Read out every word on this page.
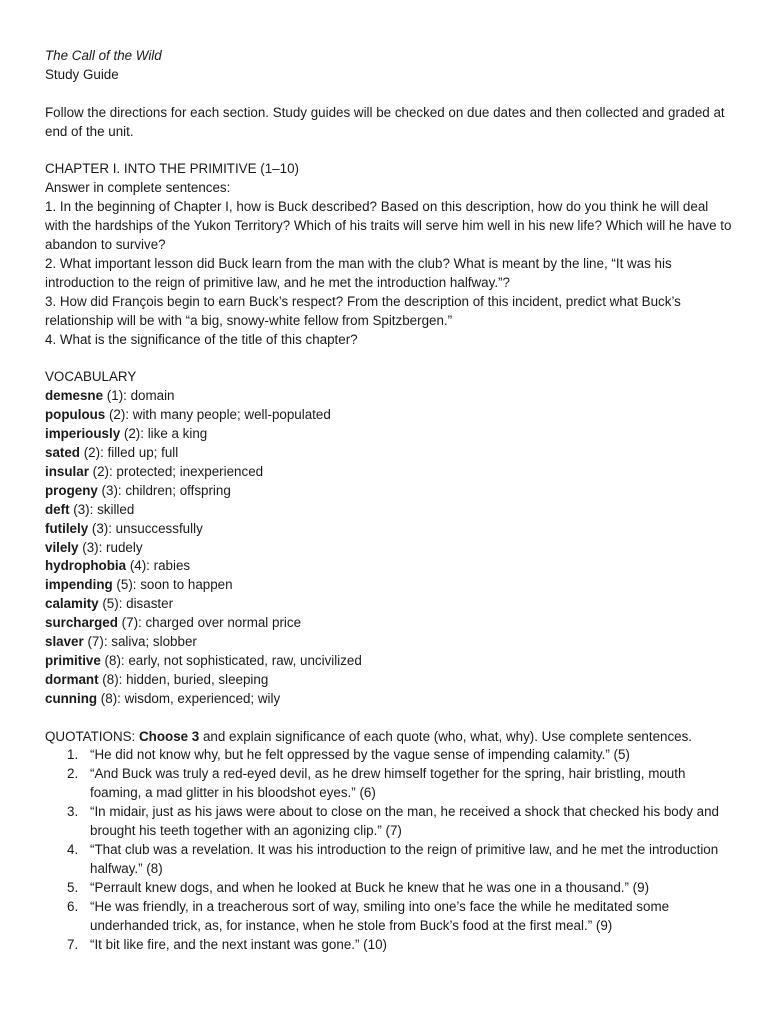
The Call of the Wild

Study Guide

Follow the directions for each section. Study guides will be checked on due dates and then collected and graded at end of the unit.

CHAPTER I. INTO THE PRIMITIVE (1–10)

Answer in complete sentences:

1. In the beginning of Chapter I, how is Buck described? Based on this description, how do you think he will deal with the hardships of the Yukon Territory? Which of his traits will serve him well in his new life? Which will he have to abandon to survive?

2. What important lesson did Buck learn from the man with the club? What is meant by the line, “It was his introduction to the reign of primitive law, and he met the introduction halfway.”?

3. How did François begin to earn Buck’s respect? From the description of this incident, predict what Buck’s relationship will be with “a big, snowy-white fellow from Spitzbergen.”

4. What is the significance of the title of this chapter?

VOCABULARY

demesne (1): domain

populous (2): with many people; well-populated

imperiously (2): like a king

sated (2): filled up; full

insular (2): protected; inexperienced

progeny (3): children; offspring

deft (3): skilled

futilely (3): unsuccessfully

vilely (3): rudely

hydrophobia (4): rabies

impending (5): soon to happen

calamity (5): disaster

surcharged (7): charged over normal price

slaver (7): saliva; slobber

primitive (8): early, not sophisticated, raw, uncivilized

dormant (8): hidden, buried, sleeping

cunning (8): wisdom, experienced; wily

QUOTATIONS: Choose 3 and explain significance of each quote (who, what, why). Use complete sentences.

1. “He did not know why, but he felt oppressed by the vague sense of impending calamity.” (5)
2. “And Buck was truly a red-eyed devil, as he drew himself together for the spring, hair bristling, mouth foaming, a mad glitter in his bloodshot eyes.” (6)
3. “In midair, just as his jaws were about to close on the man, he received a shock that checked his body and brought his teeth together with an agonizing clip.” (7)
4. “That club was a revelation. It was his introduction to the reign of primitive law, and he met the introduction halfway.” (8)
5. “Perrault knew dogs, and when he looked at Buck he knew that he was one in a thousand.” (9)
6. “He was friendly, in a treacherous sort of way, smiling into one’s face the while he meditated some underhanded trick, as, for instance, when he stole from Buck’s food at the first meal.” (9)
7. “It bit like fire, and the next instant was gone.” (10)
